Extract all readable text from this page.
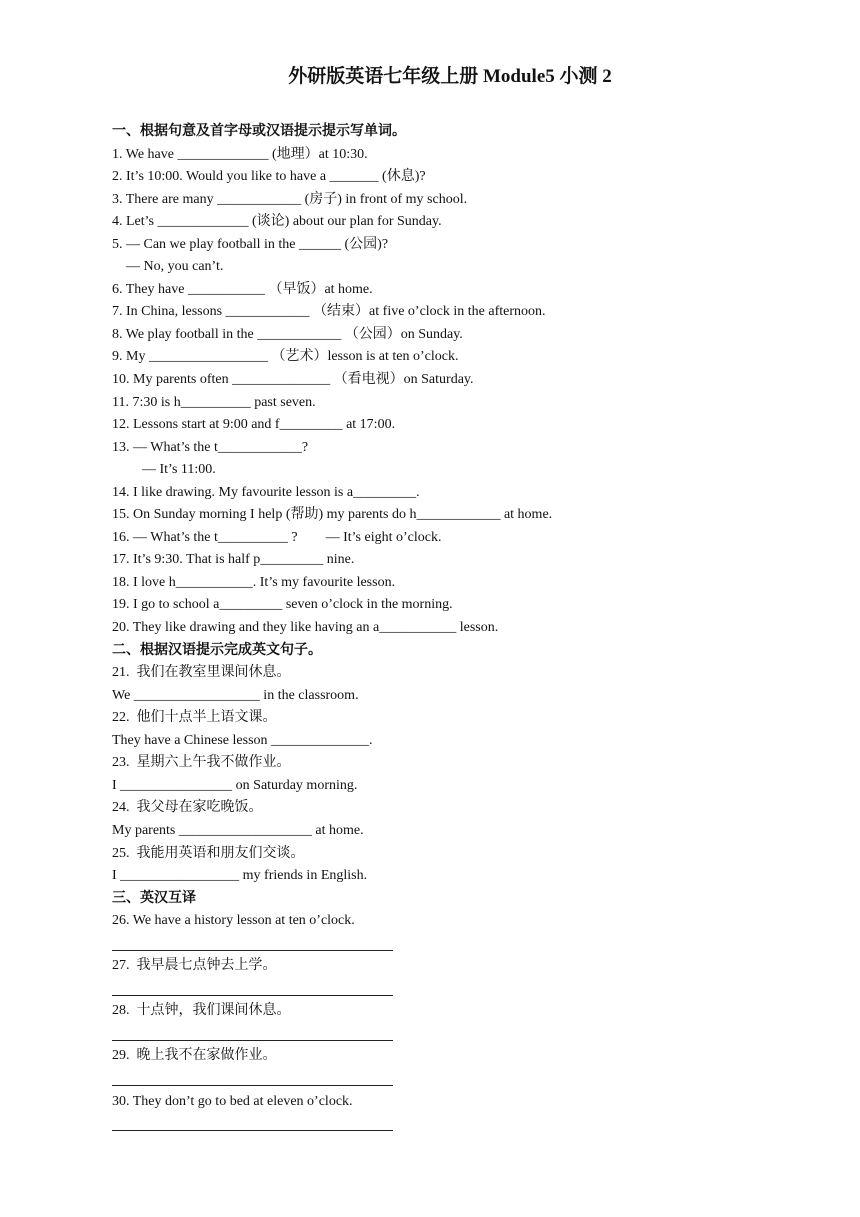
外研版英语七年级上册 Module5 小测 2
一、根据句意及首字母或汉语提示提示写单词。
1. We have _____________ (地理）at 10:30.
2. It’s 10:00. Would you like to have a _______ (休息)?
3. There are many ____________ (房子) in front of my school.
4. Let’s _____________ (谈论) about our plan for Sunday.
5. — Can we play football in the ______ (公园)?
— No, you can’t.
6. They have ___________ （早饭）at home.
7. In China, lessons ____________ （结束）at five o’clock in the afternoon.
8. We play football in the ____________ （公园）on Sunday.
9. My _________________ （艺术）lesson is at ten o’clock.
10. My parents often ______________ （看电视）on Saturday.
11. 7:30 is h__________ past seven.
12. Lessons start at 9:00 and f_________ at 17:00.
13. — What’s the t____________?
— It’s 11:00.
14. I like drawing. My favourite lesson is a_________.
15. On Sunday morning I help (帮助) my parents do h____________ at home.
16. — What’s the t__________ ?        — It’s eight o’clock.
17. It’s 9:30. That is half p_________ nine.
18. I love h___________. It’s my favourite lesson.
19. I go to school a_________ seven o’clock in the morning.
20. They like drawing and they like having an a___________ lesson.
二、根据汉语提示完成英文句子。
21.  我们在教室里课间休息。
We __________________ in the classroom.
22.  他们十点半上语文课。
They have a Chinese lesson ______________.
23.  星期六上午我不做作业。
I ________________ on Saturday morning.
24.  我父母在家吃晚饭。
My parents ___________________ at home.
25.  我能用英语和朋友们交谈。
I _________________ my friends in English.
三、英汉互译
26. We have a history lesson at ten o’clock.
27.  我早晨七点钟去上学。
28.  十点钟，我们课间休息。
29.  晚上我不在家做作业。
30. They don’t go to bed at eleven o’clock.
